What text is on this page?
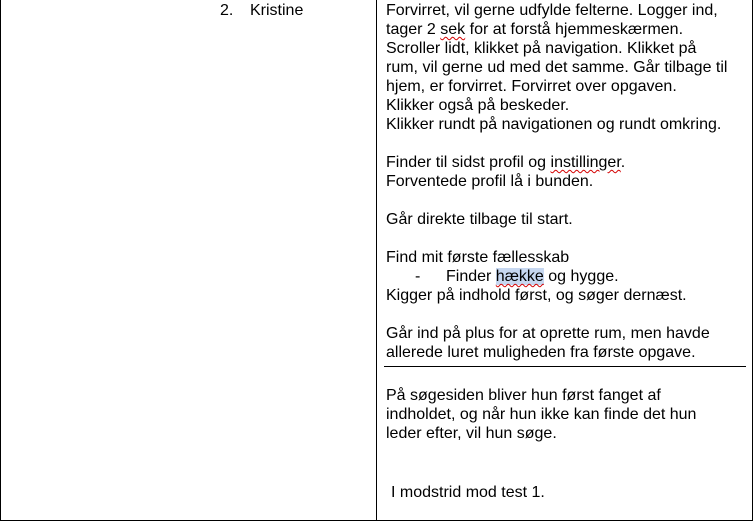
2. Kristine	Forvirret, vil gerne udfylde felterne. Logger ind,
tager 2 sek for at forstå hjemmeskærmen.
Scroller lidt, klikket på navigation. Klikket på
rum, vil gerne ud med det samme. Går tilbage til
hjem, er forvirret. Forvirret over opgaven.
Klikker også på beskeder.
Klikker rundt på navigationen og rundt omkring.
Finder til sidst profil og instillinger.
Forventede profil lå i bunden.
Går direkte tilbage til start.
Find mit første fællesskab
- Finder hække og hygge.
Kigger på indhold først, og søger dernæst.
Går ind på plus for at oprette rum, men havde
allerede luret muligheden fra første opgave.
På søgesiden bliver hun først fanget af
indholdet, og når hun ikke kan finde det hun
leder efter, vil hun søge.
I modstrid mod test 1.
